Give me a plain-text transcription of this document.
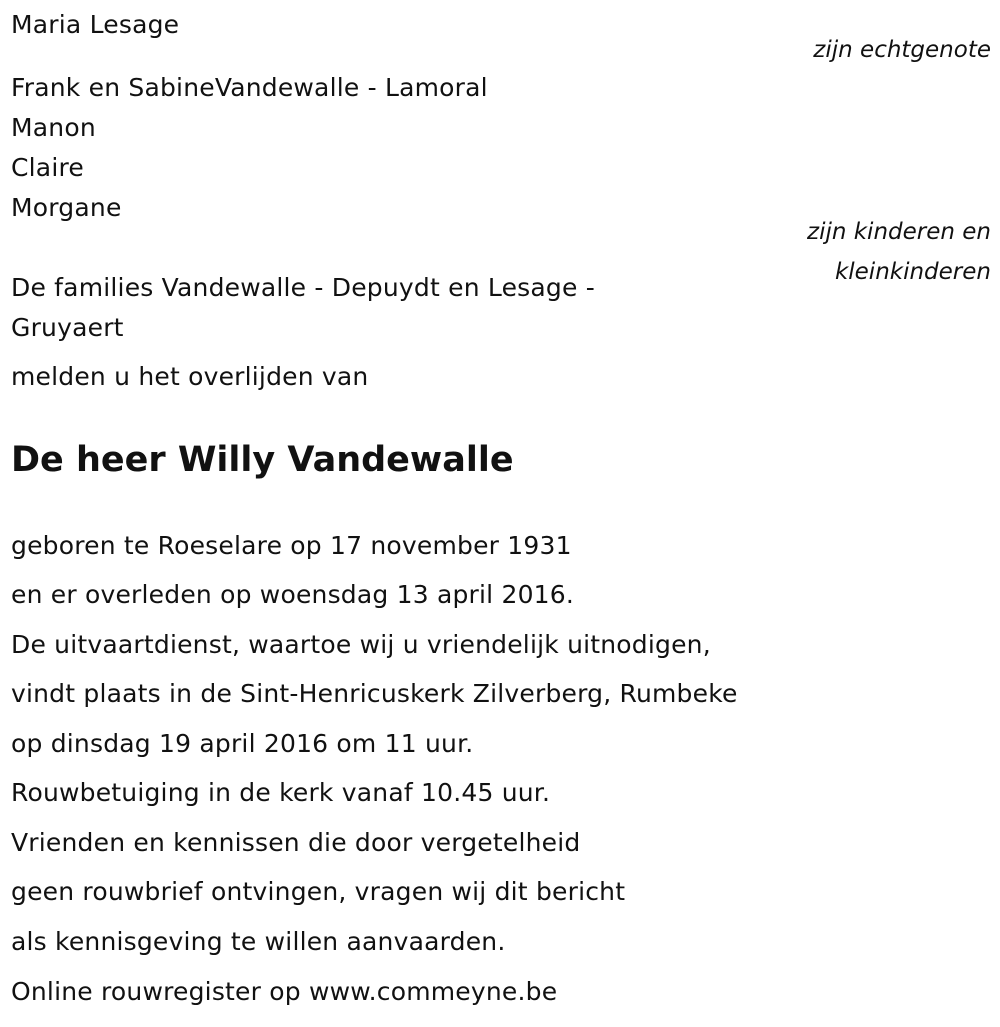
Maria Lesage
zijn echtgenote
Frank en SabineVandewalle - Lamoral
Manon
Claire
Morgane
zijn kinderen en
kleinkinderen
De families Vandewalle - Depuydt en Lesage -
Gruyaert
melden u het overlijden van
De heer Willy Vandewalle
geboren te Roeselare op 17 november 1931
en er overleden op woensdag 13 april 2016.
De uitvaartdienst, waartoe wij u vriendelijk uitnodigen,
vindt plaats in de Sint-Henricuskerk Zilverberg, Rumbeke
op dinsdag 19 april 2016 om 11 uur.
Rouwbetuiging in de kerk vanaf 10.45 uur.
Vrienden en kennissen die door vergetelheid
geen rouwbrief ontvingen, vragen wij dit bericht
als kennisgeving te willen aanvaarden.
Online rouwregister op www.commeyne.be
